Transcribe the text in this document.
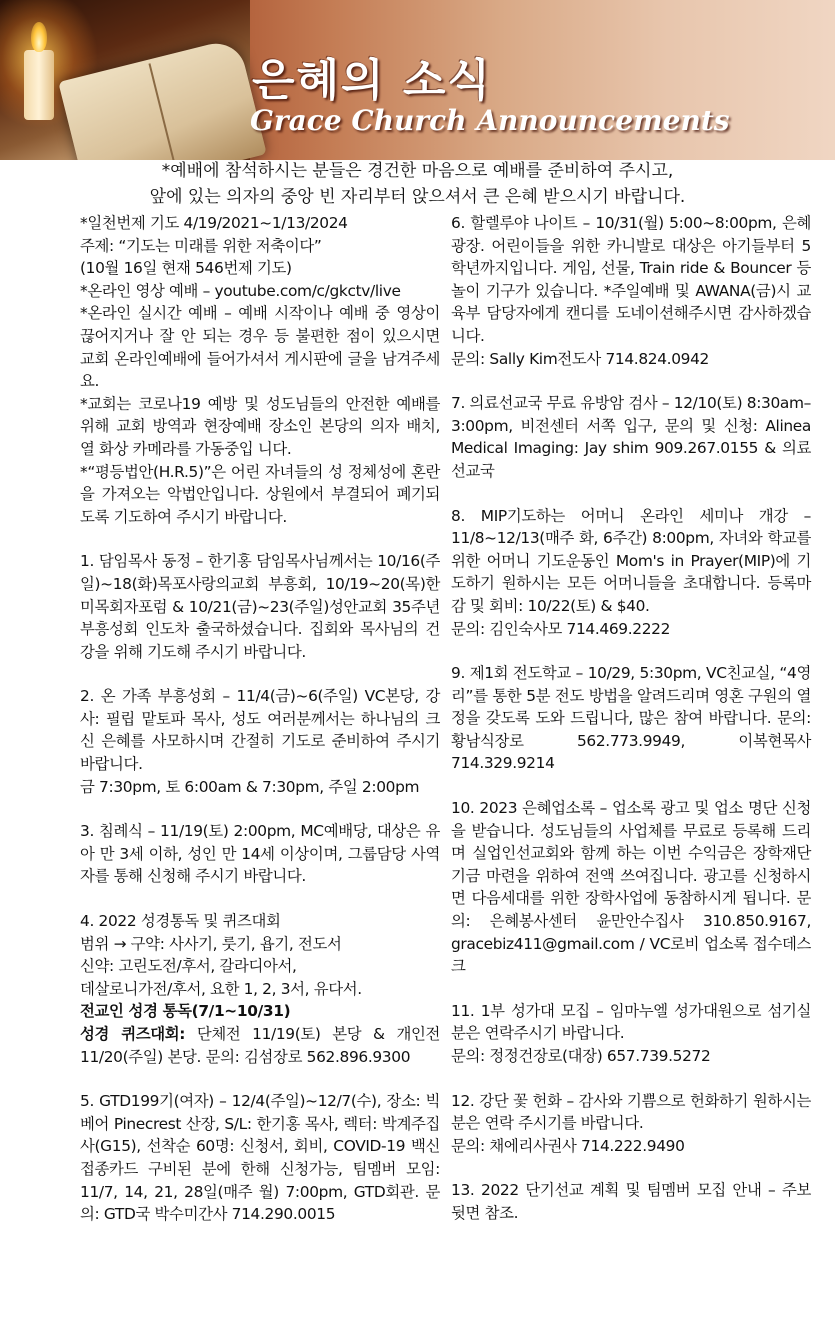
은혜의 소식
Grace Church Announcements
*예배에 참석하시는 분들은 경건한 마음으로 예배를 준비하여 주시고,
앞에 있는 의자의 중앙 빈 자리부터 앉으셔서 큰 은혜 받으시기 바랍니다.

*일천번제 기도 4/19/2021~1/13/2024

주제: “기도는 미래를 위한 저축이다”

(10월 16일 현재 546번제 기도)

*온라인 영상 예배 – youtube.com/c/gkctv/live

*온라인 실시간 예배 – 예배 시작이나 예배 중 영상이 끊어지거나 잘 안 되는 경우 등 불편한 점이 있으시면 교회 온라인예배에 들어가셔서 게시판에 글을 남겨주세요.

*교회는 코로나19 예방 및 성도님들의 안전한 예배를 위해 교회 방역과 현장예배 장소인 본당의 의자 배치, 열 화상 카메라를 가동중입 니다.

*“평등법안(H.R.5)”은 어린 자녀들의 성 정체성에 혼란을 가져오는 악법안입니다. 상원에서 부결되어 폐기되도록 기도하여 주시기 바랍니다.

1. 담임목사 동정 – 한기홍 담임목사님께서는 10/16(주일)~18(화)목포사랑의교회 부흥회, 10/19~20(목)한미목회자포럼 & 10/21(금)~23(주일)성안교회 35주년 부흥성회 인도차 출국하셨습니다. 집회와 목사님의 건강을 위해 기도해 주시기 바랍니다.

2. 온 가족 부흥성회 – 11/4(금)~6(주일) VC본당, 강사: 필립 맡토파 목사, 성도 여러분께서는 하나님의 크신 은혜를 사모하시며 간절히 기도로 준비하여 주시기 바랍니다.

금 7:30pm, 토 6:00am & 7:30pm, 주일 2:00pm

3. 침례식 – 11/19(토) 2:00pm, MC예배당, 대상은 유아 만 3세 이하, 성인 만 14세 이상이며, 그룹담당 사역자를 통해 신청해 주시기 바랍니다.

4. 2022 성경통독 및 퀴즈대회

범위 → 구약: 사사기, 룻기, 욥기, 전도서

신약: 고린도전/후서, 갈라디아서,

데살로니가전/후서, 요한 1, 2, 3서, 유다서.

전교인 성경 통독(7/1~10/31)

성경 퀴즈대회: 단체전 11/19(토) 본당 & 개인전 11/20(주일) 본당. 문의: 김섬장로 562.896.9300

5. GTD199기(여자) – 12/4(주일)~12/7(수), 장소: 빅베어 Pinecrest 산장, S/L: 한기홍 목사, 렉터: 박계주집사(G15), 선착순 60명: 신청서, 회비, COVID-19 백신 접종카드 구비된 분에 한해 신청가능, 팀멤버 모임: 11/7, 14, 21, 28일(매주 월) 7:00pm, GTD회관. 문의: GTD국 박수미간사 714.290.0015

6. 할렐루야 나이트 – 10/31(월) 5:00~8:00pm, 은혜광장. 어린이들을 위한 카니발로 대상은 아기들부터 5학년까지입니다. 게임, 선물, Train ride & Bouncer 등 놀이 기구가 있습니다. *주일예배 및 AWANA(금)시 교육부 담당자에게 캔디를 도네이션해주시면 감사하겠습니다.

문의: Sally Kim전도사 714.824.0942

7. 의료선교국 무료 유방암 검사 – 12/10(토) 8:30am–3:00pm, 비전센터 서쪽 입구, 문의 및 신청: Alinea Medical Imaging: Jay shim 909.267.0155 & 의료선교국

8. MIP기도하는 어머니 온라인 세미나 개강 – 11/8~12/13(매주 화, 6주간) 8:00pm, 자녀와 학교를 위한 어머니 기도운동인 Mom's in Prayer(MIP)에 기도하기 원하시는 모든 어머니들을 초대합니다. 등록마감 및 회비: 10/22(토) & $40.

문의: 김인숙사모 714.469.2222

9. 제1회 전도학교 – 10/29, 5:30pm, VC친교실, “4영리”를 통한 5분 전도 방법을 알려드리며 영혼 구원의 열정을 갖도록 도와 드립니다, 많은 참여 바랍니다. 문의: 황남식장로 562.773.9949, 이복현목사 714.329.9214

10. 2023 은혜업소록 – 업소록 광고 및 업소 명단 신청을 받습니다. 성도님들의 사업체를 무료로 등록해 드리며 실업인선교회와 함께 하는 이번 수익금은 장학재단 기금 마련을 위하여 전액 쓰여집니다. 광고를 신청하시면 다음세대를 위한 장학사업에 동참하시게 됩니다. 문의: 은혜봉사센터 윤만안수집사 310.850.9167, gracebiz411@gmail.com / VC로비 업소록 접수데스크

11. 1부 성가대 모집 – 임마누엘 성가대원으로 섬기실 분은 연락주시기 바랍니다.

문의: 정정건장로(대장) 657.739.5272

12. 강단 꽃 헌화 – 감사와 기쁨으로 헌화하기 원하시는 분은 연락 주시기를 바랍니다.

문의: 채에리사권사 714.222.9490

13. 2022 단기선교 계획 및 팀멤버 모집 안내 – 주보 뒷면 참조.
